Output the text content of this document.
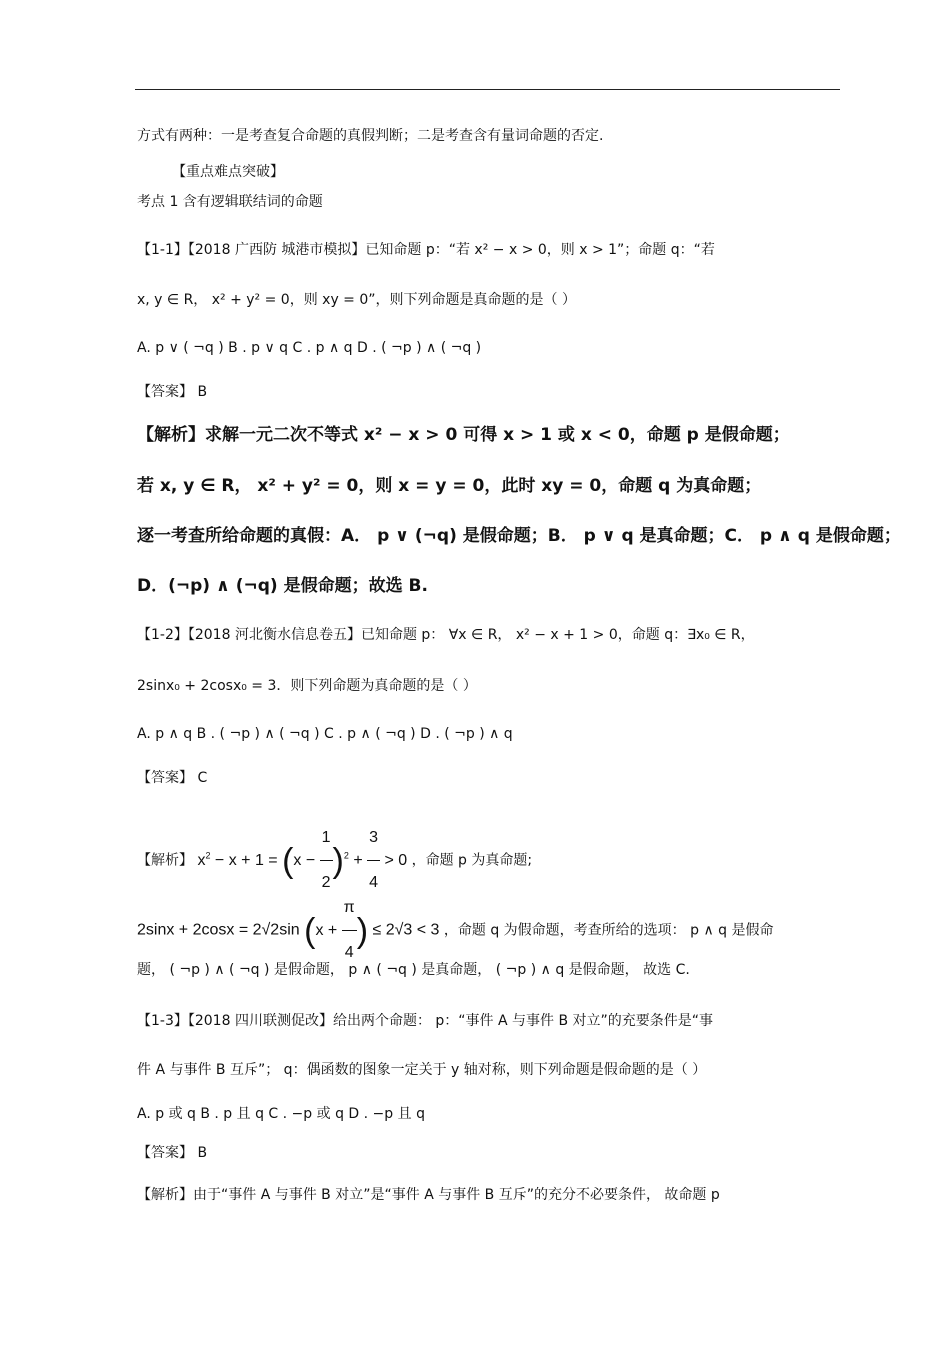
方式有两种：一是考查复合命题的真假判断；二是考查含有量词命题的否定.
【重点难点突破】
考点 1 含有逻辑联结词的命题
【1-1】【2018 广西防 城港市模拟】已知命题 p：“若 x² − x > 0，则 x > 1”；命题 q：“若
x, y ∈ R， x² + y² = 0，则 xy = 0”，则下列命题是真命题的是（ ）
A. p ∨ ( ¬q ) B . p ∨ q C . p ∧ q D . ( ¬p ) ∧ ( ¬q )
【答案】 B
【解析】求解一元二次不等式 x² − x > 0 可得 x > 1 或 x < 0，命题 p 是假命题；
若 x, y ∈ R， x² + y² = 0，则 x = y = 0，此时 xy = 0，命题 q 为真命题；
逐一考查所给命题的真假：A． p ∨ (¬q) 是假命题；B． p ∨ q 是真命题；C． p ∧ q 是假命题；
D．(¬p) ∧ (¬q) 是假命题；故选 B.
【1-2】【2018 河北衡水信息卷五】已知命题 p： ∀x ∈ R， x² − x + 1 > 0，命题 q：∃x₀ ∈ R，
2sinx₀ + 2cosx₀ = 3．则下列命题为真命题的是（ ）
A. p ∧ q B . ( ¬p ) ∧ ( ¬q ) C . p ∧ ( ¬q ) D . ( ¬p ) ∧ q
【答案】 C
【解析】 $x^2 - x + 1 = (x - \frac{1}{2} )^2 + \frac{3}{4} > 0$ ，命题 p 为真命题;
2sinx + 2cosx = 2√2sin ($x + \frac{\pi}{4}$ ) ≤ 2√3 < 3 ，命题 q 为假命题，考查所给的选项： p ∧ q 是假命
题， ( ¬p ) ∧ ( ¬q ) 是假命题， p ∧ ( ¬q ) 是真命题， ( ¬p ) ∧ q 是假命题， 故选 C.
【1-3】【2018 四川联测促改】给出两个命题： p：“事件 A 与事件 B 对立”的充要条件是“事
件 A 与事件 B 互斥”； q：偶函数的图象一定关于 y 轴对称，则下列命题是假命题的是（ ）
A. p 或 q B . p 且 q C . −p 或 q D . −p 且 q
【答案】 B
【解析】由于“事件 A 与事件 B 对立”是“事件 A 与事件 B 互斥”的充分不必要条件， 故命题 p
